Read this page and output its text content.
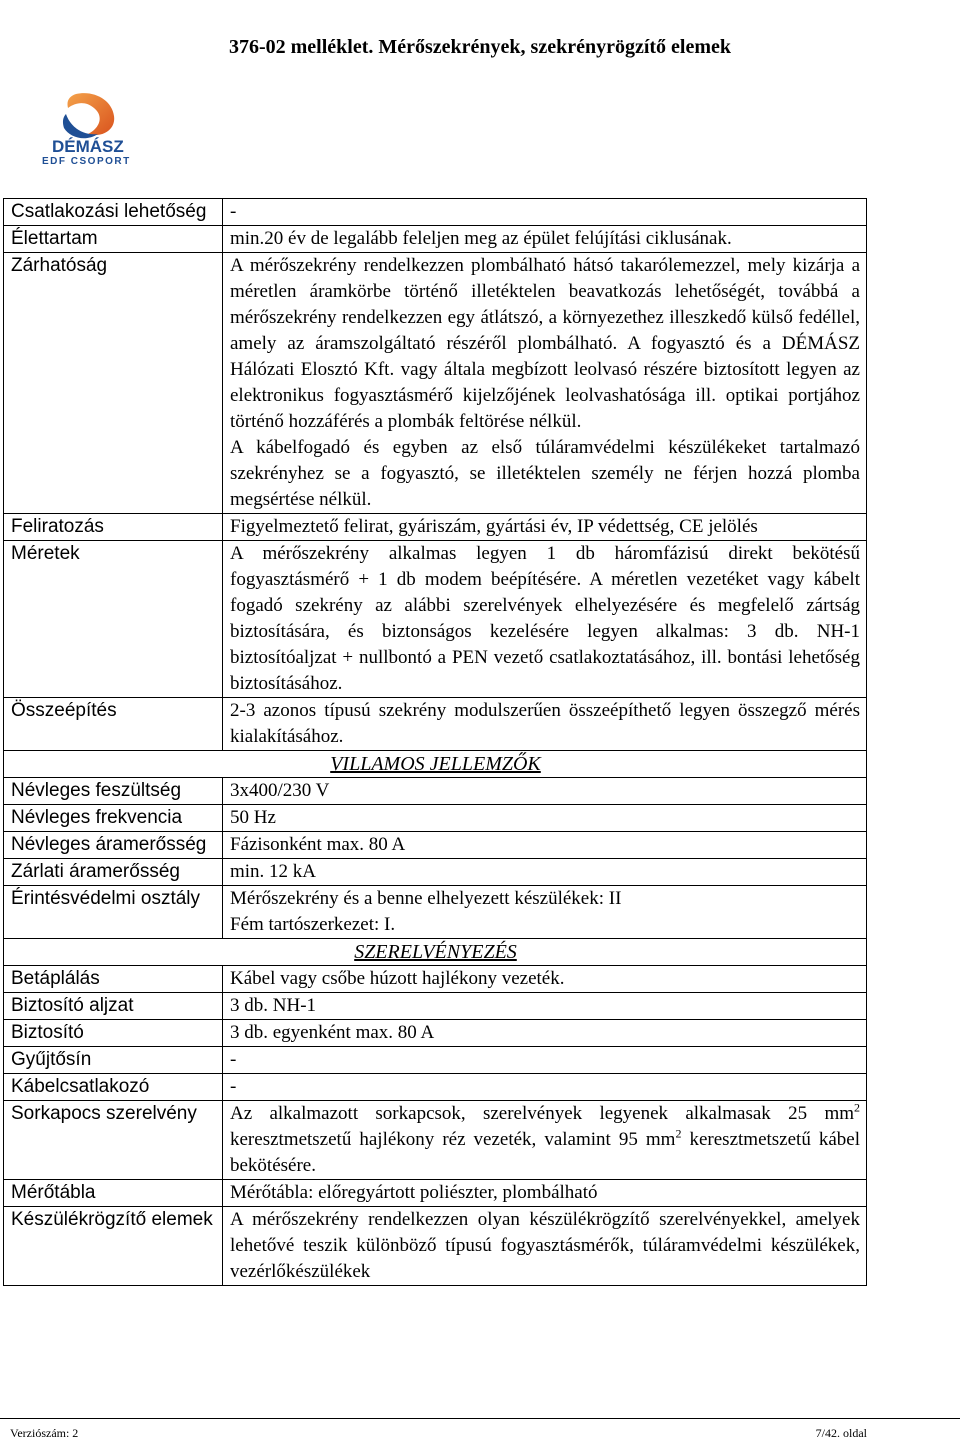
376-02 melléklet. Mérőszekrények, szekrényrögzítő elemek
DÉMÁSZ
EDF CSOPORT
Csatlakozási lehetőség	-
Élettartam	min.20 év de legalább feleljen meg az épület felújítási ciklusának.
Zárhatóság	A mérőszekrény rendelkezzen plombálható hátsó takarólemezzel, mely kizárja a méretlen áramkörbe történő illetéktelen beavatkozás lehetőségét, továbbá a mérőszekrény rendelkezzen egy átlátszó, a környezethez illeszkedő külső fedéllel, amely az áramszolgáltató részéről plombálható. A fogyasztó és a DÉMÁSZ Hálózati Elosztó Kft. vagy általa megbízott leolvasó részére biztosított legyen az elektronikus fogyasztásmérő kijelzőjének leolvashatósága ill. optikai portjához történő hozzáférés a plombák feltörése nélkül.
A kábelfogadó és egyben az első túláramvédelmi készülékeket tartalmazó szekrényhez se a fogyasztó, se illetéktelen személy ne férjen hozzá plomba megsértése nélkül.

Feliratozás	Figyelmeztető felirat, gyáriszám, gyártási év, IP védettség, CE jelölés
Méretek	A mérőszekrény alkalmas legyen 1 db háromfázisú direkt bekötésű fogyasztásmérő + 1 db modem beépítésére. A méretlen vezetéket vagy kábelt fogadó szekrény az alábbi szerelvények elhelyezésére és megfelelő zártság biztosítására, és biztonságos kezelésére legyen alkalmas: 3 db. NH-1 biztosítóaljzat + nullbontó a PEN vezető csatlakoztatásához, ill. bontási lehetőség biztosításához.
Összeépítés	2-3 azonos típusú szekrény modulszerűen összeépíthető legyen összegző mérés kialakításához.
VILLAMOS JELLEMZŐK	
Névleges feszültség	3x400/230 V
Névleges frekvencia	50 Hz
Névleges áramerősség	Fázisonként max. 80 A
Zárlati áramerősség	min. 12 kA
Érintésvédelmi osztály	Mérőszekrény és a benne elhelyezett készülékek: II
Fém tartószerkezet: I.

SZERELVÉNYEZÉS	
Betáplálás	Kábel vagy csőbe húzott hajlékony vezeték.
Biztosító aljzat	3 db. NH-1
Biztosító	3 db. egyenként max. 80 A
Gyűjtősín	-
Kábelcsatlakozó	-
Sorkapocs szerelvény	Az alkalmazott sorkapcsok, szerelvények legyenek alkalmasak 25 $mm^2$ keresztmetszetű hajlékony réz vezeték, valamint 95 $mm^2$ keresztmetszetű kábel bekötésére.
Mérőtábla	Mérőtábla: előregyártott poliészter, plombálható
Készülékrögzítő elemek	A mérőszekrény rendelkezzen olyan készülékrögzítő szerelvényekkel, amelyek lehetővé teszik különböző típusú fogyasztásmérők, túláramvédelmi készülékek, vezérlőkészülékek
Verziószám: 2	7/42. oldal
